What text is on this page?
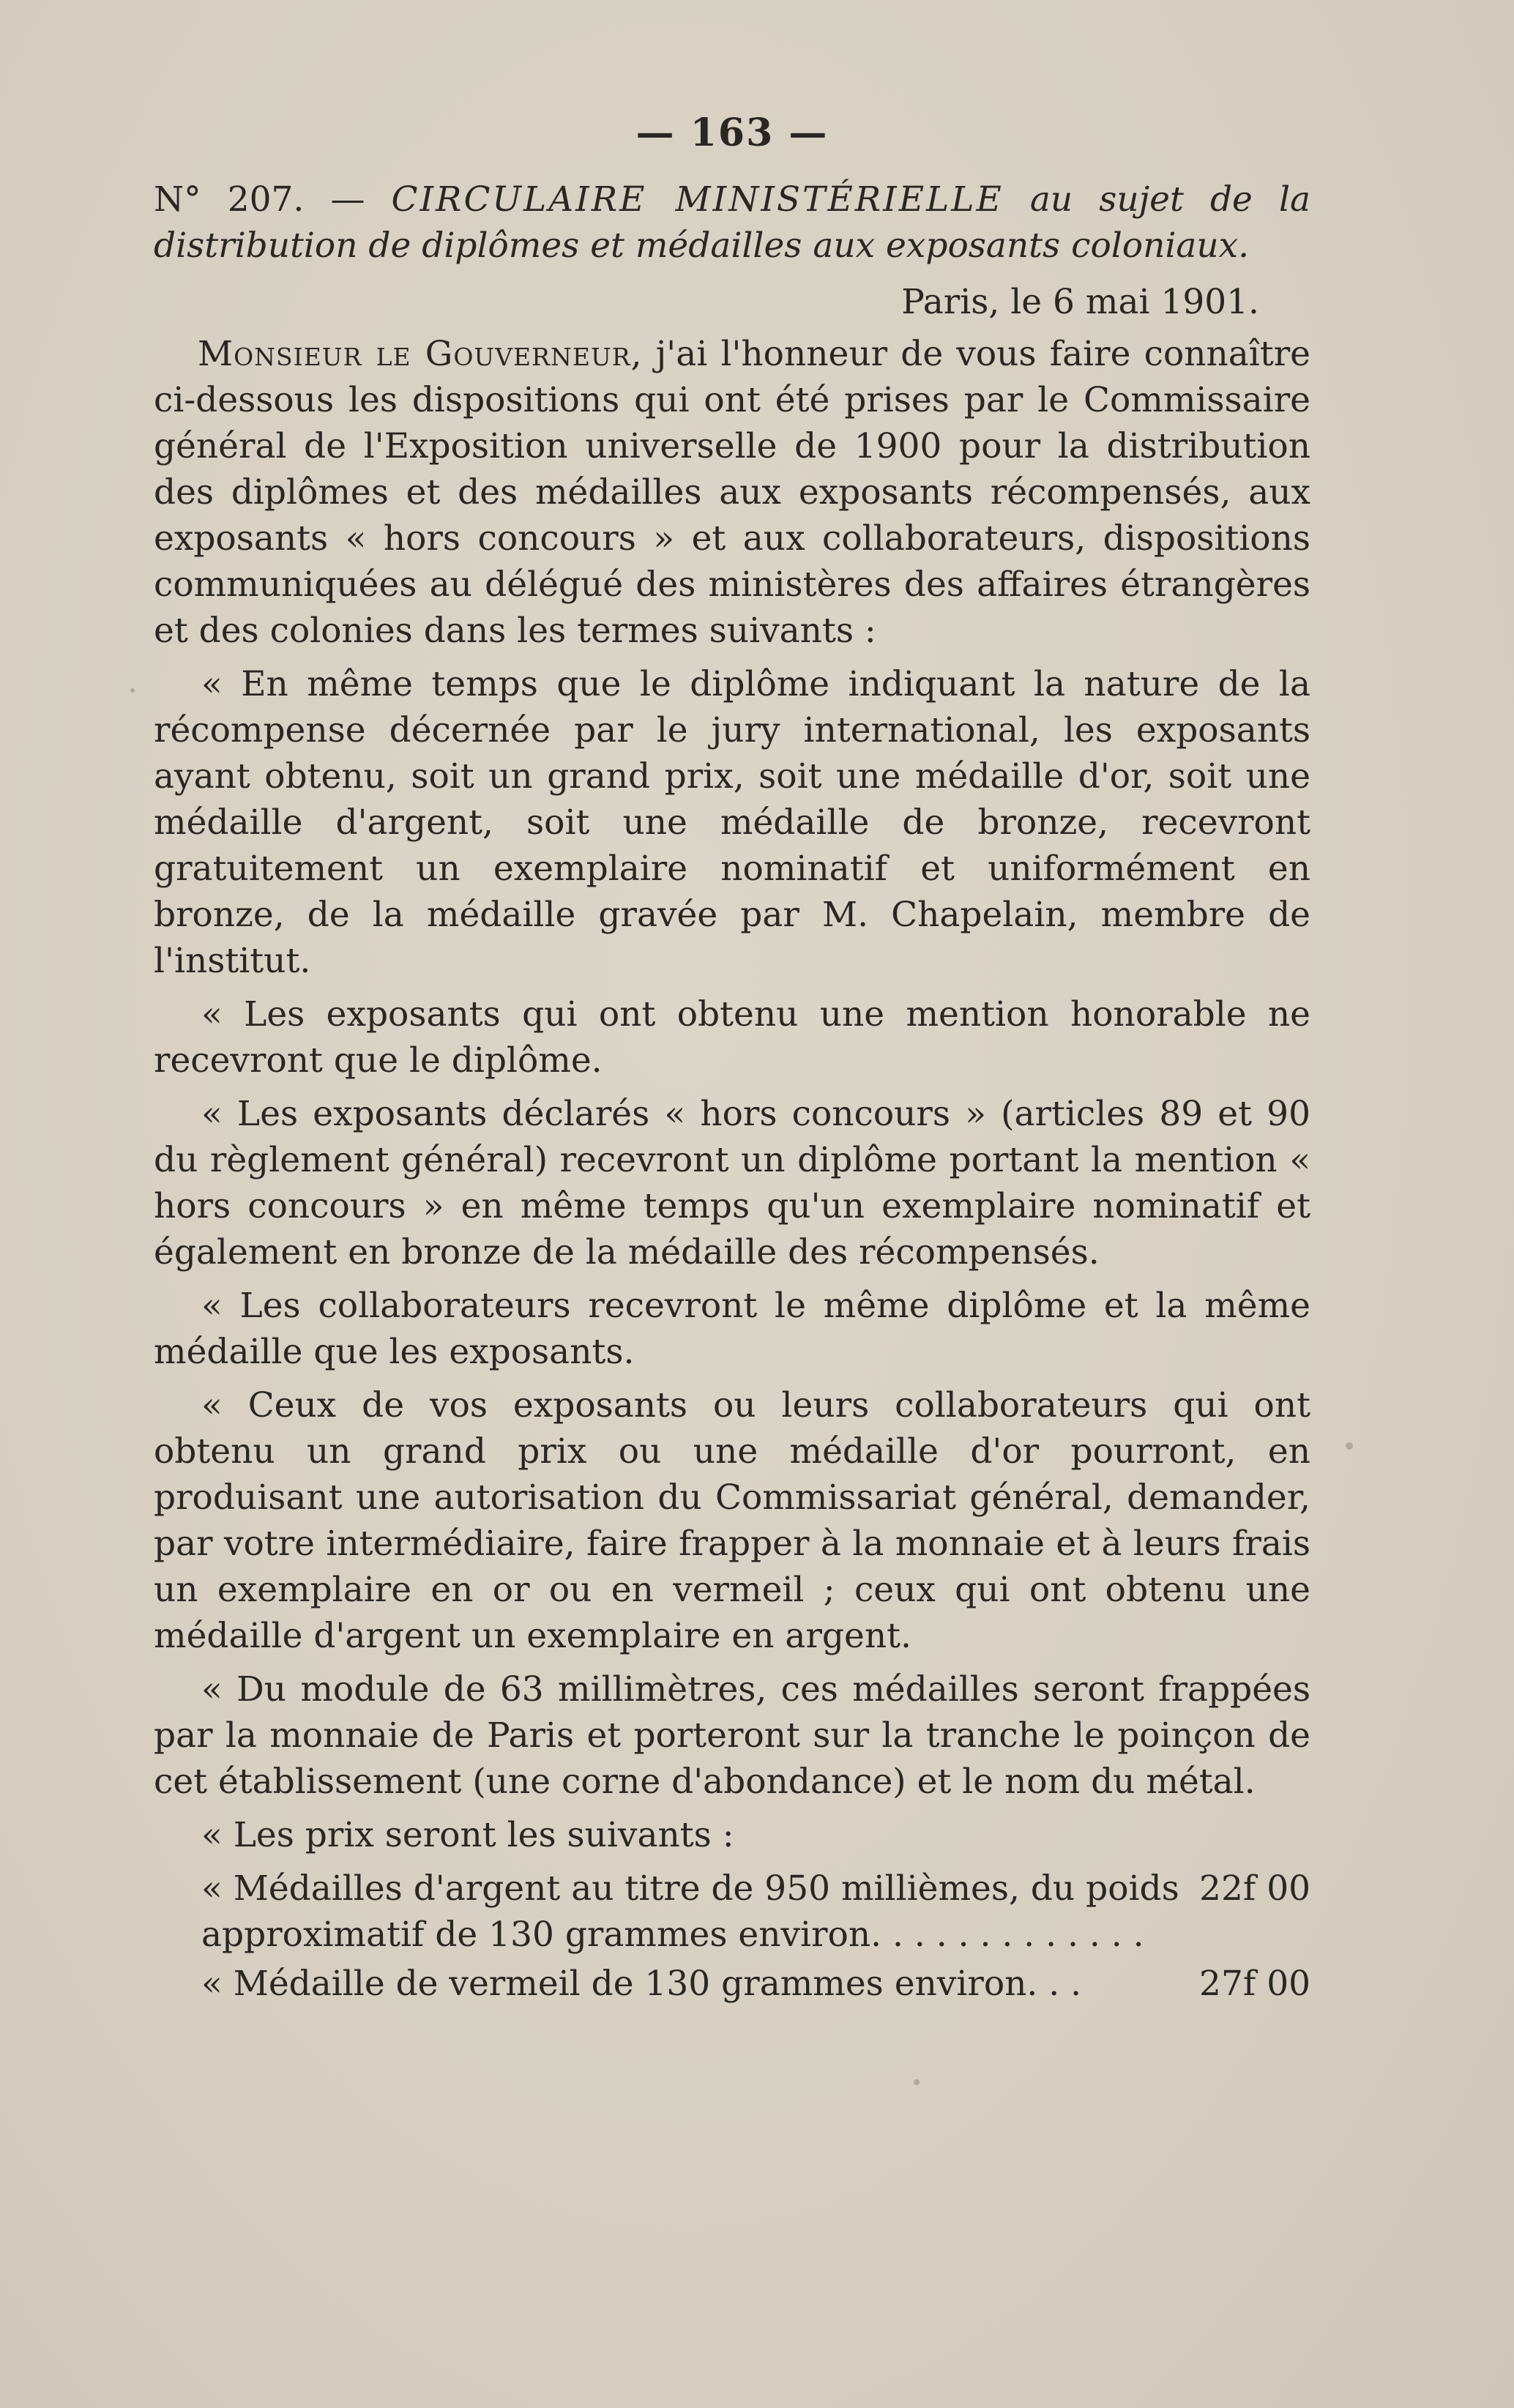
— 163 —

N° 207. — CIRCULAIRE MINISTÉRIELLE au sujet de la distribution de diplômes et médailles aux exposants coloniaux.

Paris, le 6 mai 1901.

Monsieur le Gouverneur, j'ai l'honneur de vous faire connaître ci-dessous les dispositions qui ont été prises par le Commissaire général de l'Exposition universelle de 1900 pour la distribution des diplômes et des médailles aux exposants récompensés, aux exposants « hors concours » et aux collaborateurs, dispositions communiquées au délégué des ministères des affaires étrangères et des colonies dans les termes suivants :

« En même temps que le diplôme indiquant la nature de la récompense décernée par le jury international, les exposants ayant obtenu, soit un grand prix, soit une médaille d'or, soit une médaille d'argent, soit une médaille de bronze, recevront gratuitement un exemplaire nominatif et uniformément en bronze, de la médaille gravée par M. Chapelain, membre de l'institut.

« Les exposants qui ont obtenu une mention honorable ne recevront que le diplôme.

« Les exposants déclarés « hors concours » (articles 89 et 90 du règlement général) recevront un diplôme portant la mention « hors concours » en même temps qu'un exemplaire nominatif et également en bronze de la médaille des récompensés.

« Les collaborateurs recevront le même diplôme et la même médaille que les exposants.

« Ceux de vos exposants ou leurs collaborateurs qui ont obtenu un grand prix ou une médaille d'or pourront, en produisant une autorisation du Commissariat général, demander, par votre intermédiaire, faire frapper à la monnaie et à leurs frais un exemplaire en or ou en vermeil ; ceux qui ont obtenu une médaille d'argent un exemplaire en argent.

« Du module de 63 millimètres, ces médailles seront frappées par la monnaie de Paris et porteront sur la tranche le poinçon de cet établissement (une corne d'abondance) et le nom du métal.

« Les prix seront les suivants :

« Médailles d'argent au titre de 950 millièmes, du poids approximatif de 130 grammes environ. . . . . . . . . . . . .
22f 00
« Médaille de vermeil de 130 grammes environ. . .	27f 00
